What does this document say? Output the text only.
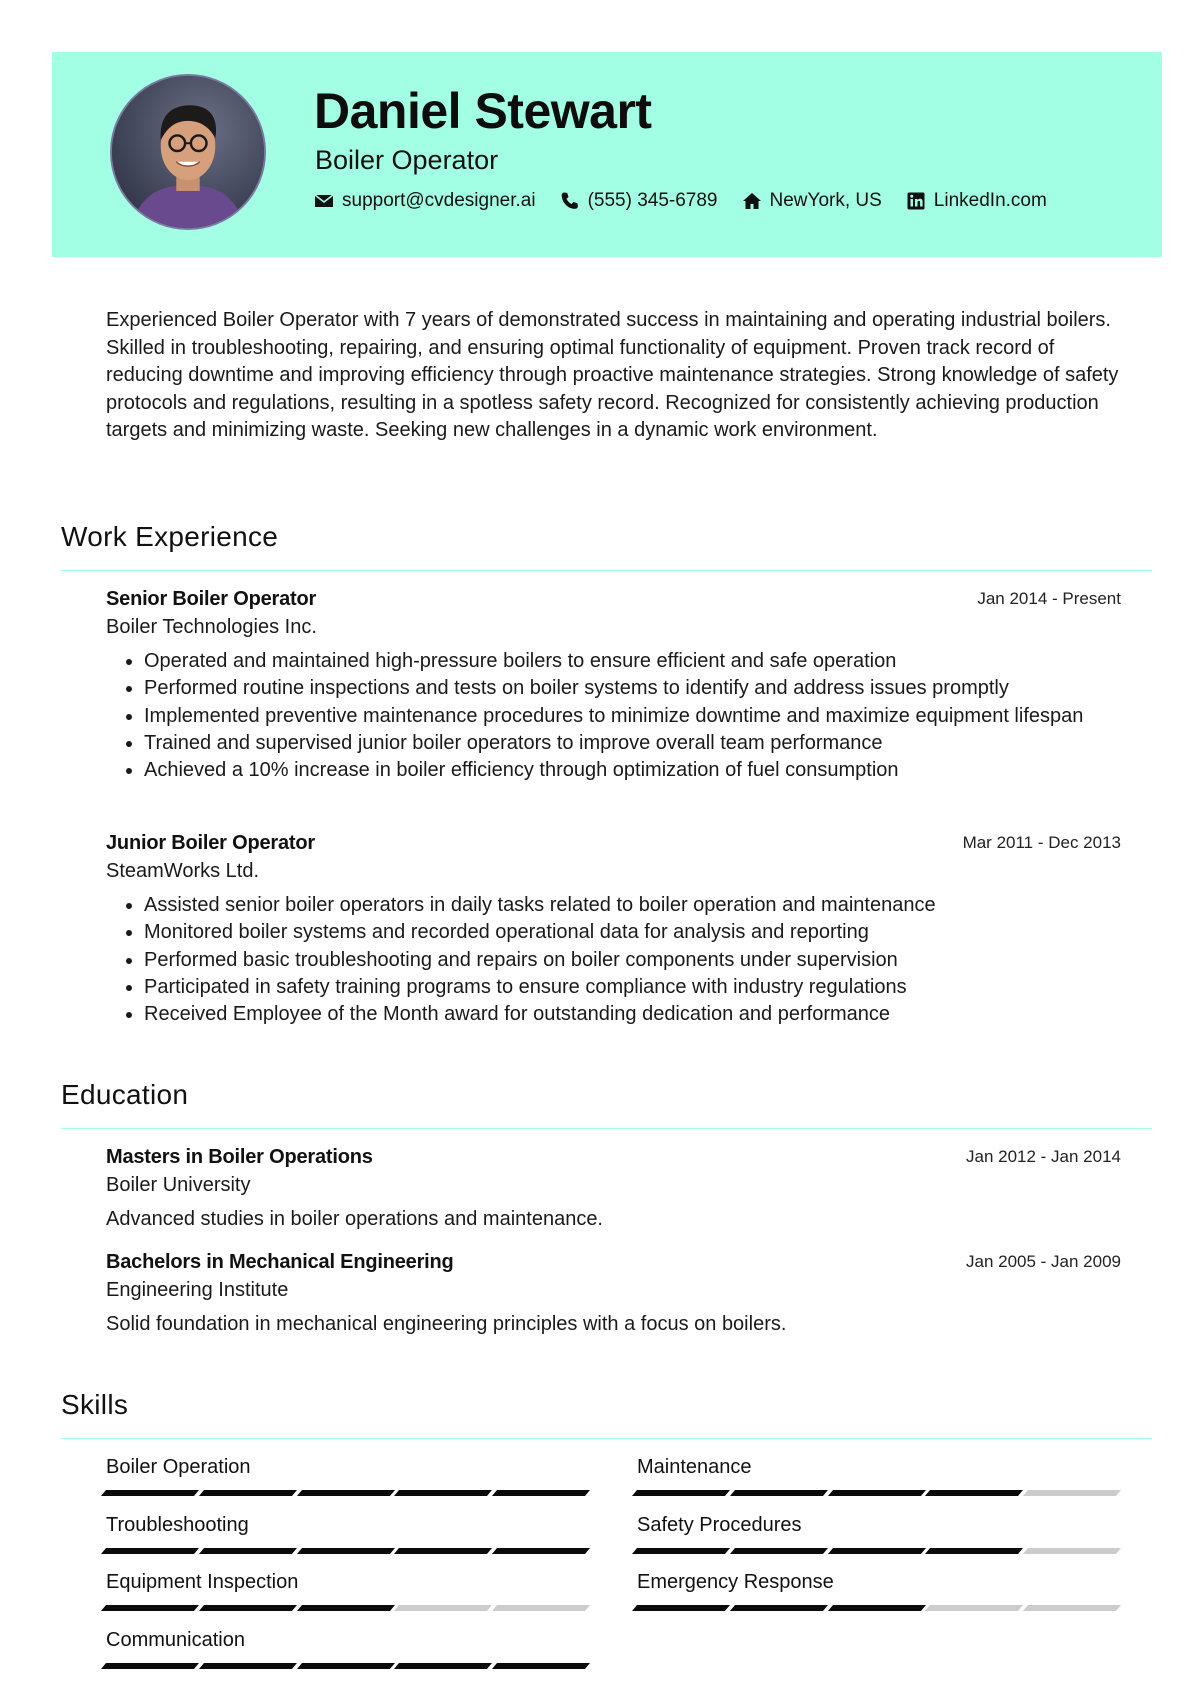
Daniel Stewart
Boiler Operator
support@cvdesigner.ai	(555) 345-6789	NewYork, US	LinkedIn.com
Experienced Boiler Operator with 7 years of demonstrated success in maintaining and operating industrial boilers. Skilled in troubleshooting, repairing, and ensuring optimal functionality of equipment. Proven track record of reducing downtime and improving efficiency through proactive maintenance strategies. Strong knowledge of safety protocols and regulations, resulting in a spotless safety record. Recognized for consistently achieving production targets and minimizing waste. Seeking new challenges in a dynamic work environment.
Work Experience
Senior Boiler Operator	Jan 2014 - Present
Boiler Technologies Inc.
• Operated and maintained high-pressure boilers to ensure efficient and safe operation
• Performed routine inspections and tests on boiler systems to identify and address issues promptly
• Implemented preventive maintenance procedures to minimize downtime and maximize equipment lifespan
• Trained and supervised junior boiler operators to improve overall team performance
• Achieved a 10% increase in boiler efficiency through optimization of fuel consumption
Junior Boiler Operator	Mar 2011 - Dec 2013
SteamWorks Ltd.
• Assisted senior boiler operators in daily tasks related to boiler operation and maintenance
• Monitored boiler systems and recorded operational data for analysis and reporting
• Performed basic troubleshooting and repairs on boiler components under supervision
• Participated in safety training programs to ensure compliance with industry regulations
• Received Employee of the Month award for outstanding dedication and performance
Education
Masters in Boiler Operations	Jan 2012 - Jan 2014
Boiler University
Advanced studies in boiler operations and maintenance.
Bachelors in Mechanical Engineering	Jan 2005 - Jan 2009
Engineering Institute
Solid foundation in mechanical engineering principles with a focus on boilers.
Skills
Boiler Operation	Maintenance
Troubleshooting	Safety Procedures
Equipment Inspection	Emergency Response
Communication
